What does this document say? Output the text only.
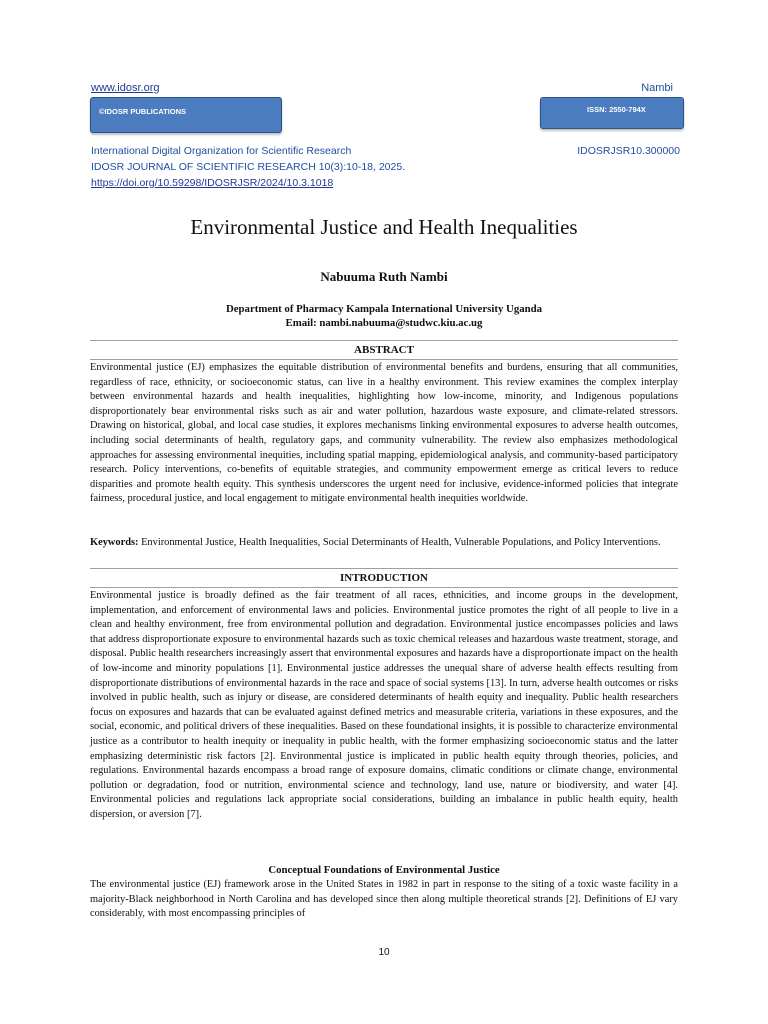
www.idosr.org	Nambi
©IDOSR PUBLICATIONS	ISSN: 2550-794X
International Digital Organization for Scientific Research	IDOSRJSR10.300000
IDOSR JOURNAL OF SCIENTIFIC RESEARCH 10(3):10-18, 2025.
https://doi.org/10.59298/IDOSRJSR/2024/10.3.1018
Environmental Justice and Health Inequalities
Nabuuma Ruth Nambi
Department of Pharmacy Kampala International University Uganda
Email: nambi.nabuuma@studwc.kiu.ac.ug
ABSTRACT
Environmental justice (EJ) emphasizes the equitable distribution of environmental benefits and burdens, ensuring that all communities, regardless of race, ethnicity, or socioeconomic status, can live in a healthy environment. This review examines the complex interplay between environmental hazards and health inequalities, highlighting how low-income, minority, and Indigenous populations disproportionately bear environmental risks such as air and water pollution, hazardous waste exposure, and climate-related stressors. Drawing on historical, global, and local case studies, it explores mechanisms linking environmental exposures to adverse health outcomes, including social determinants of health, regulatory gaps, and community vulnerability. The review also emphasizes methodological approaches for assessing environmental inequities, including spatial mapping, epidemiological analysis, and community-based participatory research. Policy interventions, co-benefits of equitable strategies, and community empowerment emerge as critical levers to reduce disparities and promote health equity. This synthesis underscores the urgent need for inclusive, evidence-informed policies that integrate fairness, procedural justice, and local engagement to mitigate environmental health inequities worldwide.
Keywords: Environmental Justice, Health Inequalities, Social Determinants of Health, Vulnerable Populations, and Policy Interventions.
INTRODUCTION
Environmental justice is broadly defined as the fair treatment of all races, ethnicities, and income groups in the development, implementation, and enforcement of environmental laws and policies. Environmental justice promotes the right of all people to live in a clean and healthy environment, free from environmental pollution and degradation. Environmental justice encompasses policies and laws that address disproportionate exposure to environmental hazards such as toxic chemical releases and hazardous waste treatment, storage, and disposal. Public health researchers increasingly assert that environmental exposures and hazards have a disproportionate impact on the health of low-income and minority populations [1]. Environmental justice addresses the unequal share of adverse health effects resulting from disproportionate distributions of environmental hazards in the race and space of social systems [13]. In turn, adverse health outcomes or risks involved in public health, such as injury or disease, are considered determinants of health equity and inequality. Public health researchers focus on exposures and hazards that can be evaluated against defined metrics and measurable criteria, variations in these exposures, and the social, economic, and political drivers of these inequalities. Based on these foundational insights, it is possible to characterize environmental justice as a contributor to health inequity or inequality in public health, with the former emphasizing socioeconomic status and the latter emphasizing deterministic risk factors [2]. Environmental justice is implicated in public health equity through theories, policies, and regulations. Environmental hazards encompass a broad range of exposure domains, climatic conditions or climate change, environmental pollution or degradation, food or nutrition, environmental science and technology, land use, nature or biodiversity, and water [4]. Environmental policies and regulations lack appropriate social considerations, building an imbalance in public health equity, health dispersion, or aversion [7].
Conceptual Foundations of Environmental Justice
The environmental justice (EJ) framework arose in the United States in 1982 in part in response to the siting of a toxic waste facility in a majority-Black neighborhood in North Carolina and has developed since then along multiple theoretical strands [2]. Definitions of EJ vary considerably, with most encompassing principles of
10
